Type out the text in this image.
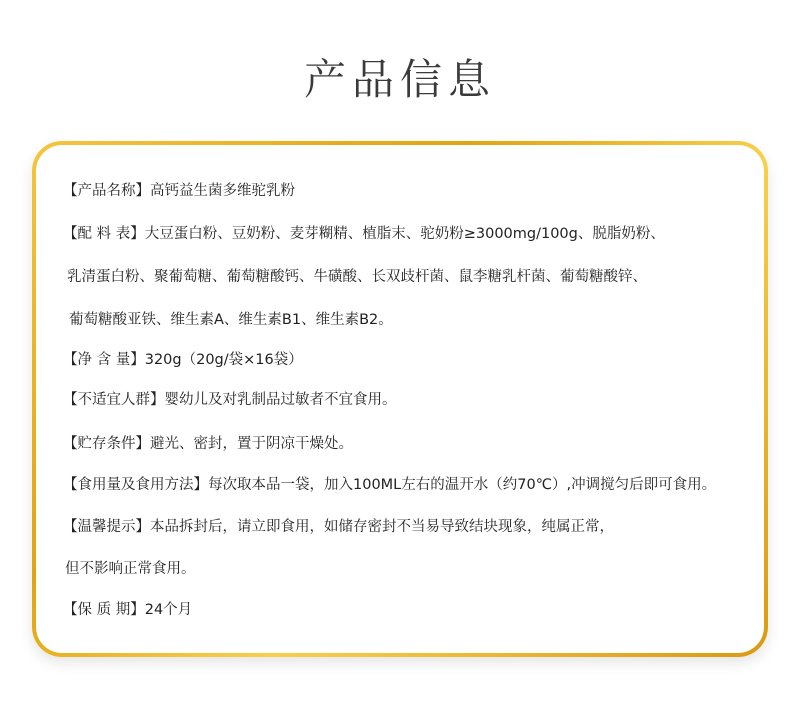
产品信息
【产品名称】高钙益生菌多维驼乳粉
【配 料 表】大豆蛋白粉、豆奶粉、麦芽糊精、植脂末、驼奶粉≥3000mg/100g、脱脂奶粉、
乳清蛋白粉、聚葡萄糖、葡萄糖酸钙、牛磺酸、长双歧杆菌、鼠李糖乳杆菌、葡萄糖酸锌、
葡萄糖酸亚铁、维生素A、维生素B1、维生素B2。
【净 含 量】320g（20g/袋×16袋）
【不适宜人群】婴幼儿及对乳制品过敏者不宜食用。
【贮存条件】避光、密封，置于阴凉干燥处。
【食用量及食用方法】每次取本品一袋，加入100ML左右的温开水（约70℃）,冲调搅匀后即可食用。
【温馨提示】本品拆封后，请立即食用，如储存密封不当易导致结块现象，纯属正常，
但不影响正常食用。
【保 质 期】24个月
